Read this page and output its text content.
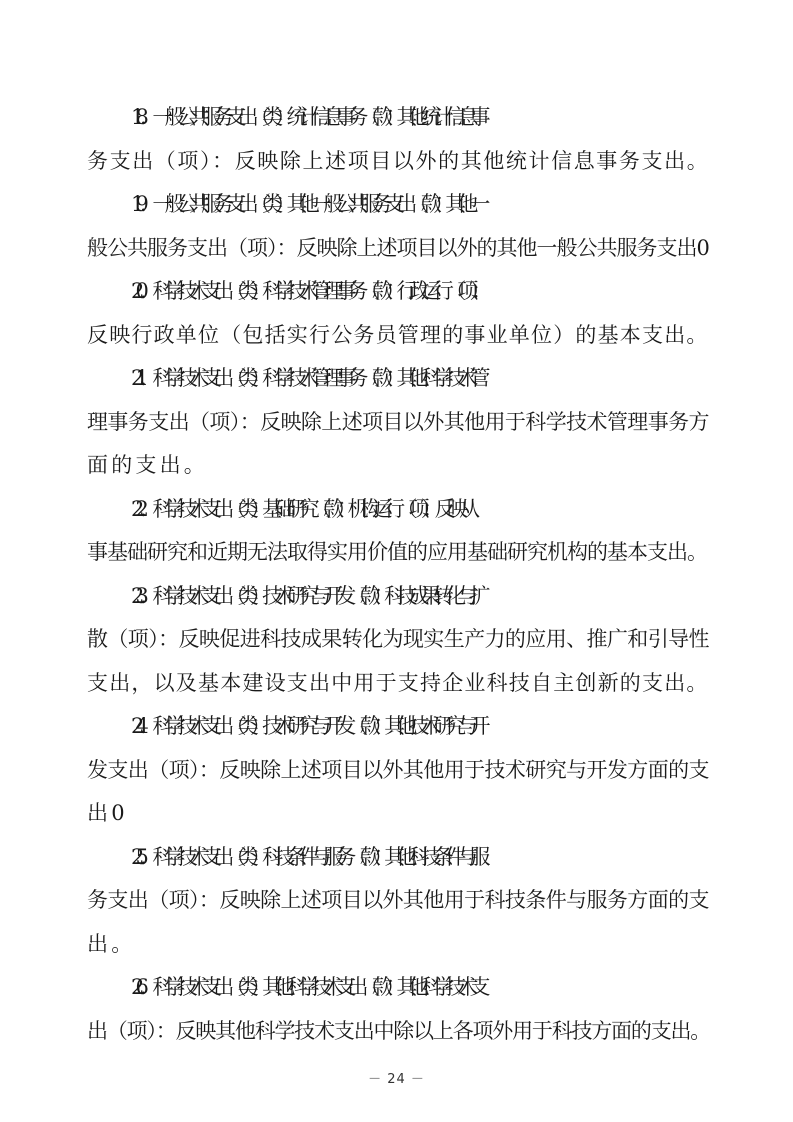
18．一般公共服务支出（类）统计信息事务（款）其他统计信息事
务支出（项）：反映除上述项目以外的其他统计信息事务支出。

19．一般公共服务支出（类）其他一般公共服务支出（款）其他一
般公共服务支出（项）：反映除上述项目以外的其他一般公共服务支出0

20．科学技术支出（类）科学技术管理事务（款）行政运行（项）：
反映行政单位（包括实行公务员管理的事业单位）的基本支出。

21．科学技术支出（类）科学技术管理事务（款）其他科学技术管
理事务支出（项）：反映除上述项目以外其他用于科学技术管理事务方
面的支出。

22．科学技术支出（类）基础研究（款）机构运行（项）：反映从
事基础研究和近期无法取得实用价值的应用基础研究机构的基本支出。

23．科学技术支出（类）技术研究与开发（款）科技成果转化与扩
散（项）：反映促进科技成果转化为现实生产力的应用、推广和引导性
支出，以及基本建设支出中用于支持企业科技自主创新的支出。

24．科学技术支出（类）技术研究与开发（款）其他技术研究与开
发支出（项）：反映除上述项目以外其他用于技术研究与开发方面的支
出0

25．科学技术支出（类）科技条件与服务（款）其他科技条件与服
务支出（项）：反映除上述项目以外其他用于科技条件与服务方面的支
出。

26．科学技术支出（类）其他科学技术支出（款）其他科学技术支
出（项）：反映其他科学技术支出中除以上各项外用于科技方面的支出。

－ 24 －
